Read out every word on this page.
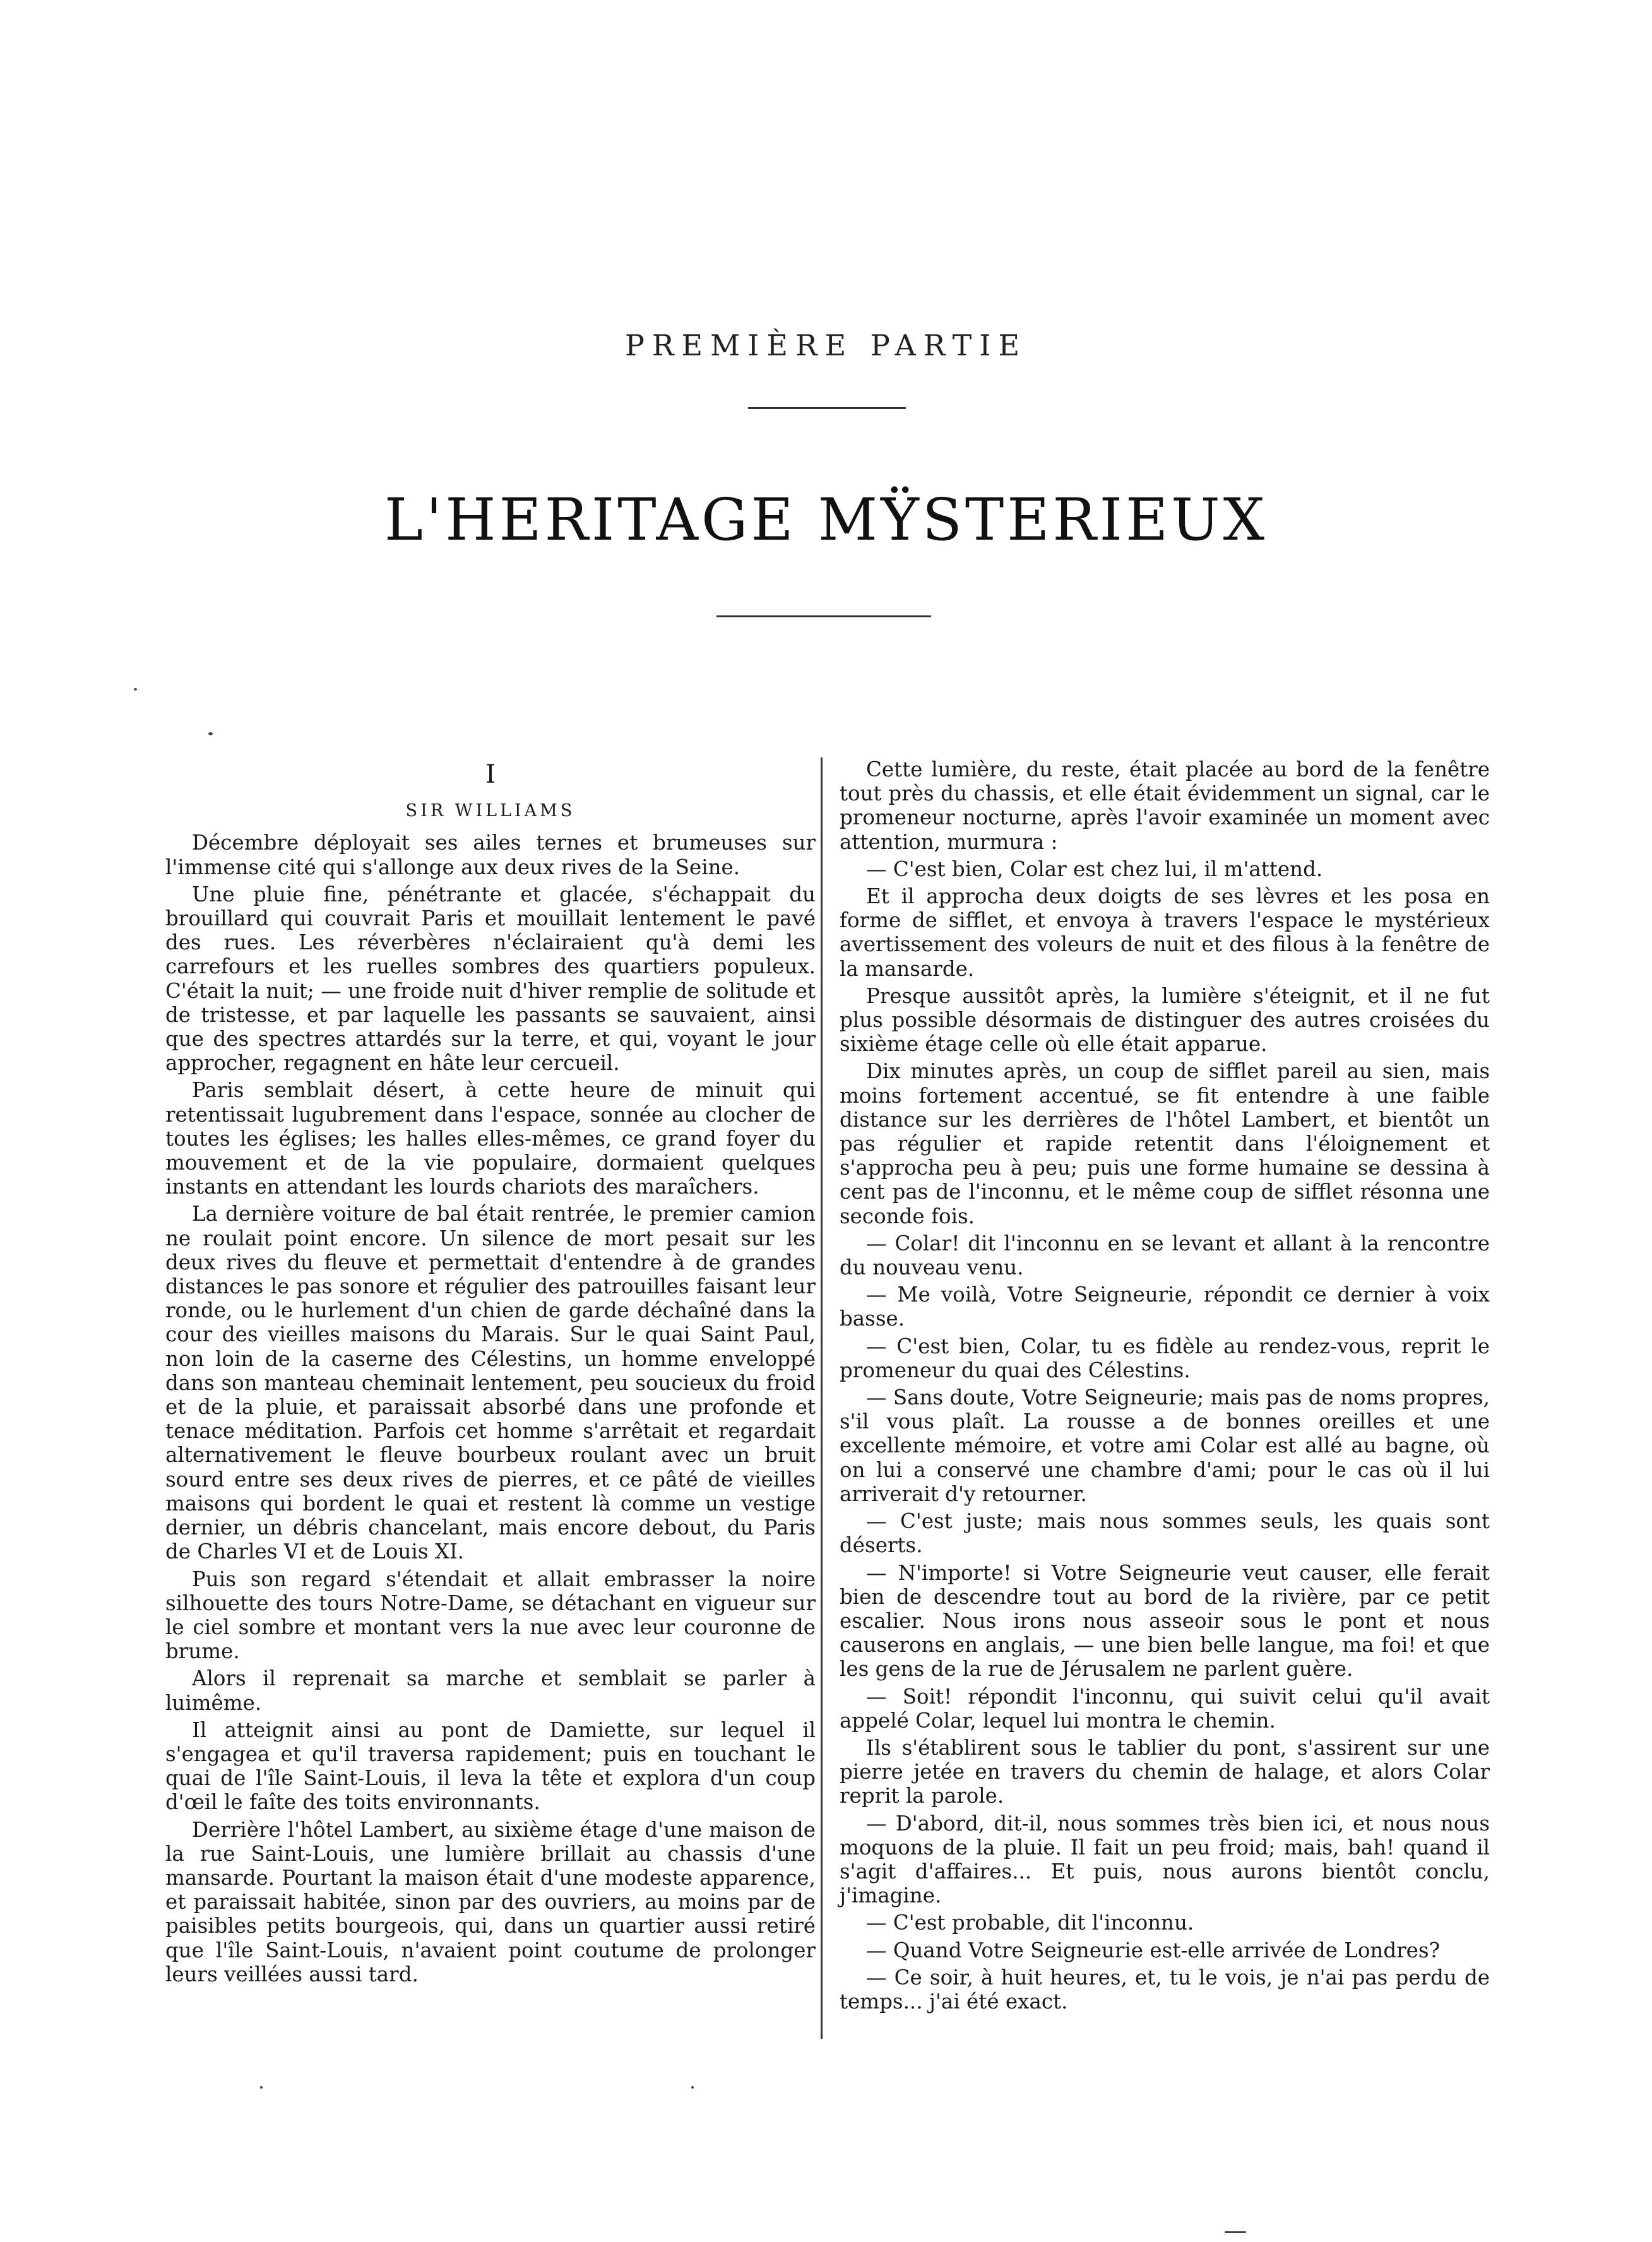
PREMIÈRE PARTIE
L'HERITAGE MŸSTERIEUX
I
SIR WILLIAMS

Décembre déployait ses ailes ternes et brumeuses sur l'immense cité qui s'allonge aux deux rives de la Seine.

Une pluie fine, pénétrante et glacée, s'échappait du brouillard qui couvrait Paris et mouillait lentement le pavé des rues. Les réverbères n'éclairaient qu'à demi les carrefours et les ruelles sombres des quartiers populeux. C'était la nuit; — une froide nuit d'hiver remplie de solitude et de tristesse, et par laquelle les passants se sauvaient, ainsi que des spectres attardés sur la terre, et qui, voyant le jour approcher, regagnent en hâte leur cercueil.

Paris semblait désert, à cette heure de minuit qui retentissait lugubrement dans l'espace, sonnée au clocher de toutes les églises; les halles elles-mêmes, ce grand foyer du mouvement et de la vie populaire, dormaient quelques instants en attendant les lourds chariots des maraîchers.

La dernière voiture de bal était rentrée, le premier camion ne roulait point encore. Un silence de mort pesait sur les deux rives du fleuve et permettait d'entendre à de grandes distances le pas sonore et régulier des patrouilles faisant leur ronde, ou le hurlement d'un chien de garde déchaîné dans la cour des vieilles maisons du Marais. Sur le quai Saint Paul, non loin de la caserne des Célestins, un homme enveloppé dans son manteau cheminait lentement, peu soucieux du froid et de la pluie, et paraissait absorbé dans une profonde et tenace méditation. Parfois cet homme s'arrêtait et regardait alternativement le fleuve bourbeux roulant avec un bruit sourd entre ses deux rives de pierres, et ce pâté de vieilles maisons qui bordent le quai et restent là comme un vestige dernier, un débris chancelant, mais encore debout, du Paris de Charles VI et de Louis XI.

Puis son regard s'étendait et allait embrasser la noire silhouette des tours Notre-Dame, se détachant en vigueur sur le ciel sombre et montant vers la nue avec leur couronne de brume.

Alors il reprenait sa marche et semblait se parler à luimême.

Il atteignit ainsi au pont de Damiette, sur lequel il s'engagea et qu'il traversa rapidement; puis en touchant le quai de l'île Saint-Louis, il leva la tête et explora d'un coup d'œil le faîte des toits environnants.

Derrière l'hôtel Lambert, au sixième étage d'une maison de la rue Saint-Louis, une lumière brillait au chassis d'une mansarde. Pourtant la maison était d'une modeste apparence, et paraissait habitée, sinon par des ouvriers, au moins par de paisibles petits bourgeois, qui, dans un quartier aussi retiré que l'île Saint-Louis, n'avaient point coutume de prolonger leurs veillées aussi tard.

Cette lumière, du reste, était placée au bord de la fenêtre tout près du chassis, et elle était évidemment un signal, car le promeneur nocturne, après l'avoir examinée un moment avec attention, murmura :

— C'est bien, Colar est chez lui, il m'attend.

Et il approcha deux doigts de ses lèvres et les posa en forme de sifflet, et envoya à travers l'espace le mystérieux avertissement des voleurs de nuit et des filous à la fenêtre de la mansarde.

Presque aussitôt après, la lumière s'éteignit, et il ne fut plus possible désormais de distinguer des autres croisées du sixième étage celle où elle était apparue.

Dix minutes après, un coup de sifflet pareil au sien, mais moins fortement accentué, se fit entendre à une faible distance sur les derrières de l'hôtel Lambert, et bientôt un pas régulier et rapide retentit dans l'éloignement et s'approcha peu à peu; puis une forme humaine se dessina à cent pas de l'inconnu, et le même coup de sifflet résonna une seconde fois.

— Colar! dit l'inconnu en se levant et allant à la rencontre du nouveau venu.

— Me voilà, Votre Seigneurie, répondit ce dernier à voix basse.

— C'est bien, Colar, tu es fidèle au rendez-vous, reprit le promeneur du quai des Célestins.

— Sans doute, Votre Seigneurie; mais pas de noms propres, s'il vous plaît. La rousse a de bonnes oreilles et une excellente mémoire, et votre ami Colar est allé au bagne, où on lui a conservé une chambre d'ami; pour le cas où il lui arriverait d'y retourner.

— C'est juste; mais nous sommes seuls, les quais sont déserts.

— N'importe! si Votre Seigneurie veut causer, elle ferait bien de descendre tout au bord de la rivière, par ce petit escalier. Nous irons nous asseoir sous le pont et nous causerons en anglais, — une bien belle langue, ma foi! et que les gens de la rue de Jérusalem ne parlent guère.

— Soit! répondit l'inconnu, qui suivit celui qu'il avait appelé Colar, lequel lui montra le chemin.

Ils s'établirent sous le tablier du pont, s'assirent sur une pierre jetée en travers du chemin de halage, et alors Colar reprit la parole.

— D'abord, dit-il, nous sommes très bien ici, et nous nous moquons de la pluie. Il fait un peu froid; mais, bah! quand il s'agit d'affaires... Et puis, nous aurons bientôt conclu, j'imagine.

— C'est probable, dit l'inconnu.

— Quand Votre Seigneurie est-elle arrivée de Londres?

— Ce soir, à huit heures, et, tu le vois, je n'ai pas perdu de temps... j'ai été exact.
